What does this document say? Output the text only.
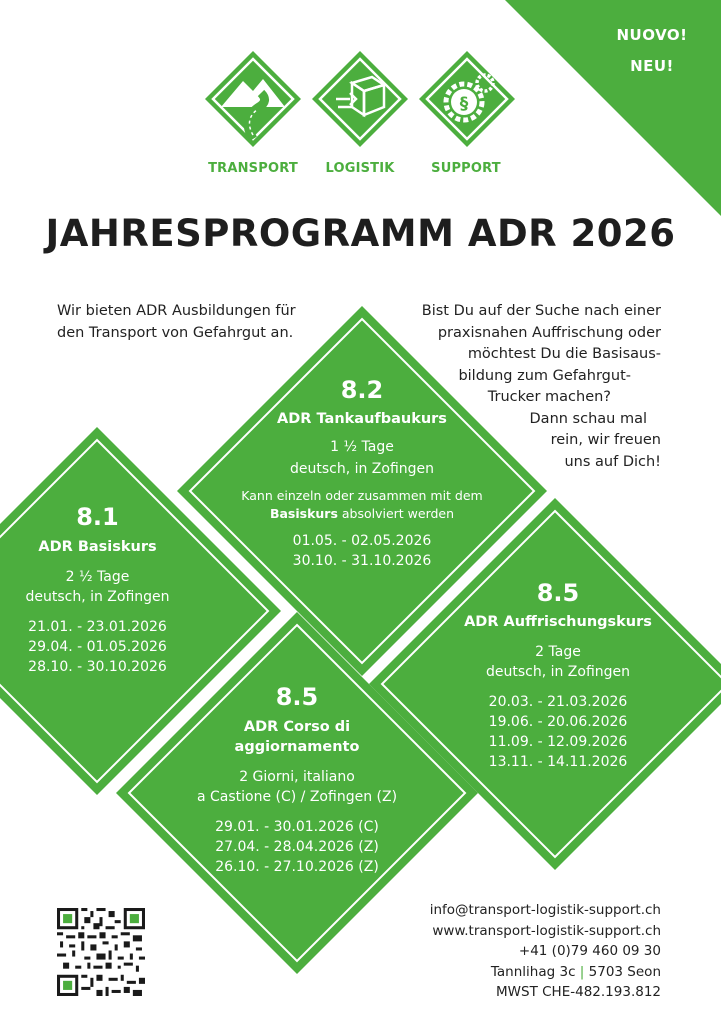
NUOVO!
NEU!
§
TRANSPORT	LOGISTIK	SUPPORT
JAHRESPROGRAMM ADR 2026
Wir bieten ADR Ausbildungen für
den Transport von Gefahrgut an.
Bist Du auf der Suche nach einer
praxisnahen Auffrischung oder
möchtest Du die Basisaus-
bildung zum Gefahrgut-
Trucker machen?
Dann schau mal
rein, wir freuen
uns auf Dich!
8.2
ADR Tankaufbaukurs
1 ½ Tage
deutsch, in Zofingen
Kann einzeln oder zusammen mit dem
Basiskurs absolviert werden
01.05. - 02.05.2026
30.10. - 31.10.2026
8.1
ADR Basiskurs
2 ½ Tage
deutsch, in Zofingen
21.01. - 23.01.2026
29.04. - 01.05.2026
28.10. - 30.10.2026
8.5
ADR Auffrischungskurs
2 Tage
deutsch, in Zofingen
20.03. - 21.03.2026
19.06. - 20.06.2026
11.09. - 12.09.2026
13.11. - 14.11.2026
8.5
ADR Corso di
aggiornamento
2 Giorni, italiano
a Castione (C) / Zofingen (Z)
29.01. - 30.01.2026 (C)
27.04. - 28.04.2026 (Z)
26.10. - 27.10.2026 (Z)
info@transport-logistik-support.ch
www.transport-logistik-support.ch
+41 (0)79 460 09 30
Tannlihag 3c | 5703 Seon
MWST CHE-482.193.812
